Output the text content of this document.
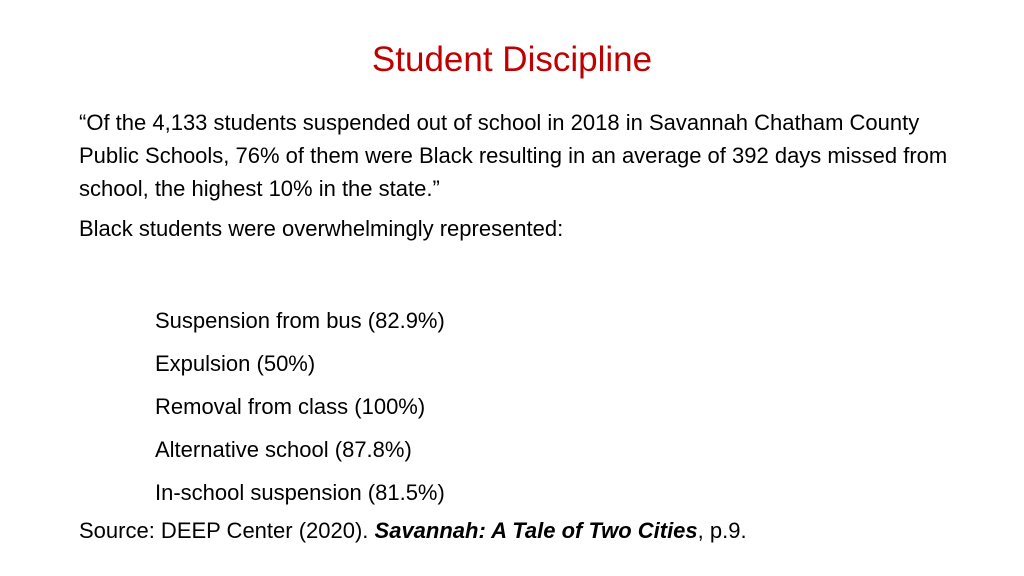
Student Discipline

“Of the 4,133 students suspended out of school in 2018 in Savannah Chatham County Public Schools, 76% of them were Black resulting in an average of 392 days missed from school, the highest 10% in the state.”

Black students were overwhelmingly represented:

Suspension from bus (82.9%)
Expulsion (50%)
Removal from class (100%)
Alternative school (87.8%)
In-school suspension (81.5%)

Source: DEEP Center (2020). Savannah: A Tale of Two Cities, p.9.
